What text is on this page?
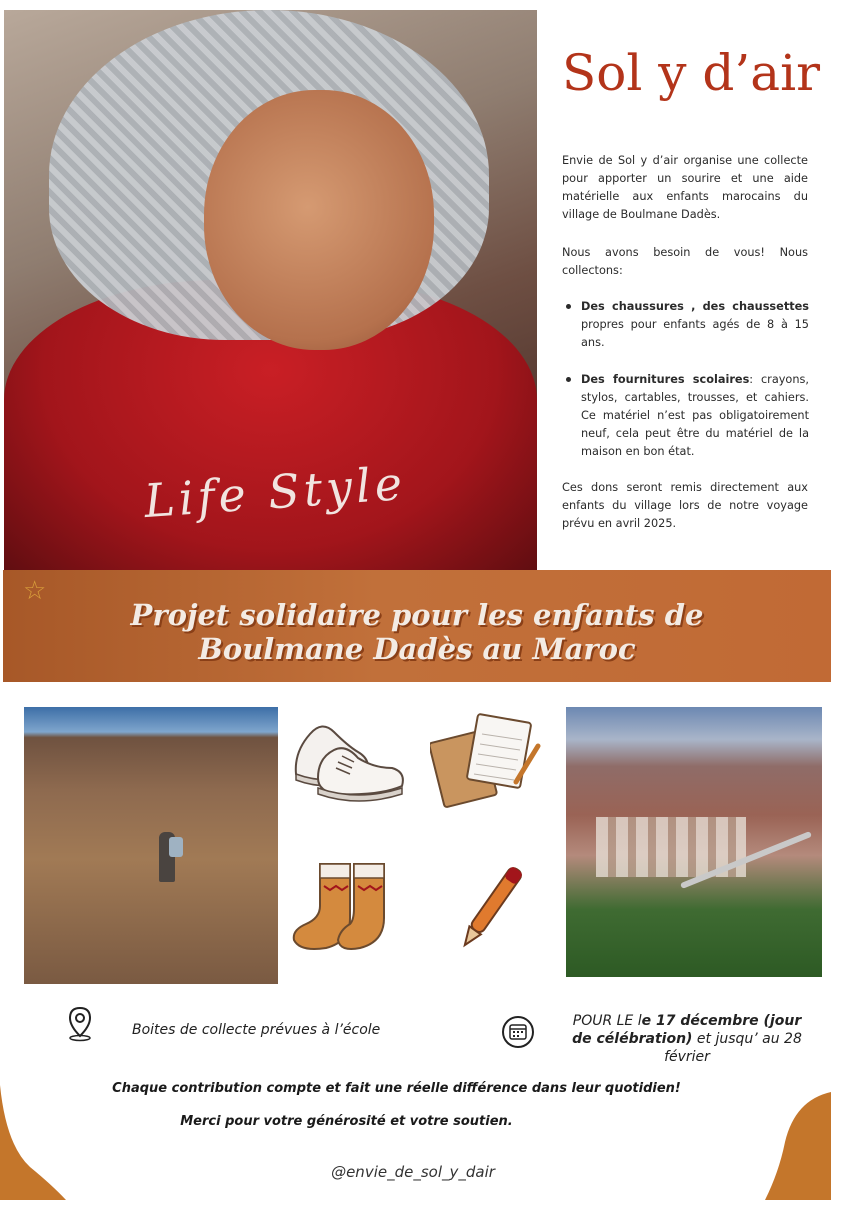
Life Style
Sol y d’air
Envie de Sol y d’air organise une collecte pour apporter un sourire et une aide matérielle aux enfants marocains du village de Boulmane Dadès.
Nous avons besoin de vous! Nous collectons:
Des chaussures , des chaussettes propres pour enfants agés de 8 à 15 ans.
Des fournitures scolaires: crayons, stylos, cartables, trousses, et cahiers. Ce matériel n’est pas obligatoirement neuf, cela peut être du matériel de la maison en bon état.
Ces dons seront remis directement aux enfants du village lors de notre voyage prévu en avril 2025.
☆
Projet solidaire pour les enfants de
Boulmane Dadès au Maroc
Boites de collecte prévues à l’école
POUR LE le 17 décembre (jour de célébration) et jusqu’ au 28 février
Chaque contribution compte et fait une réelle différence dans leur quotidien!
Merci pour votre générosité et votre soutien.
@envie_de_sol_y_dair
